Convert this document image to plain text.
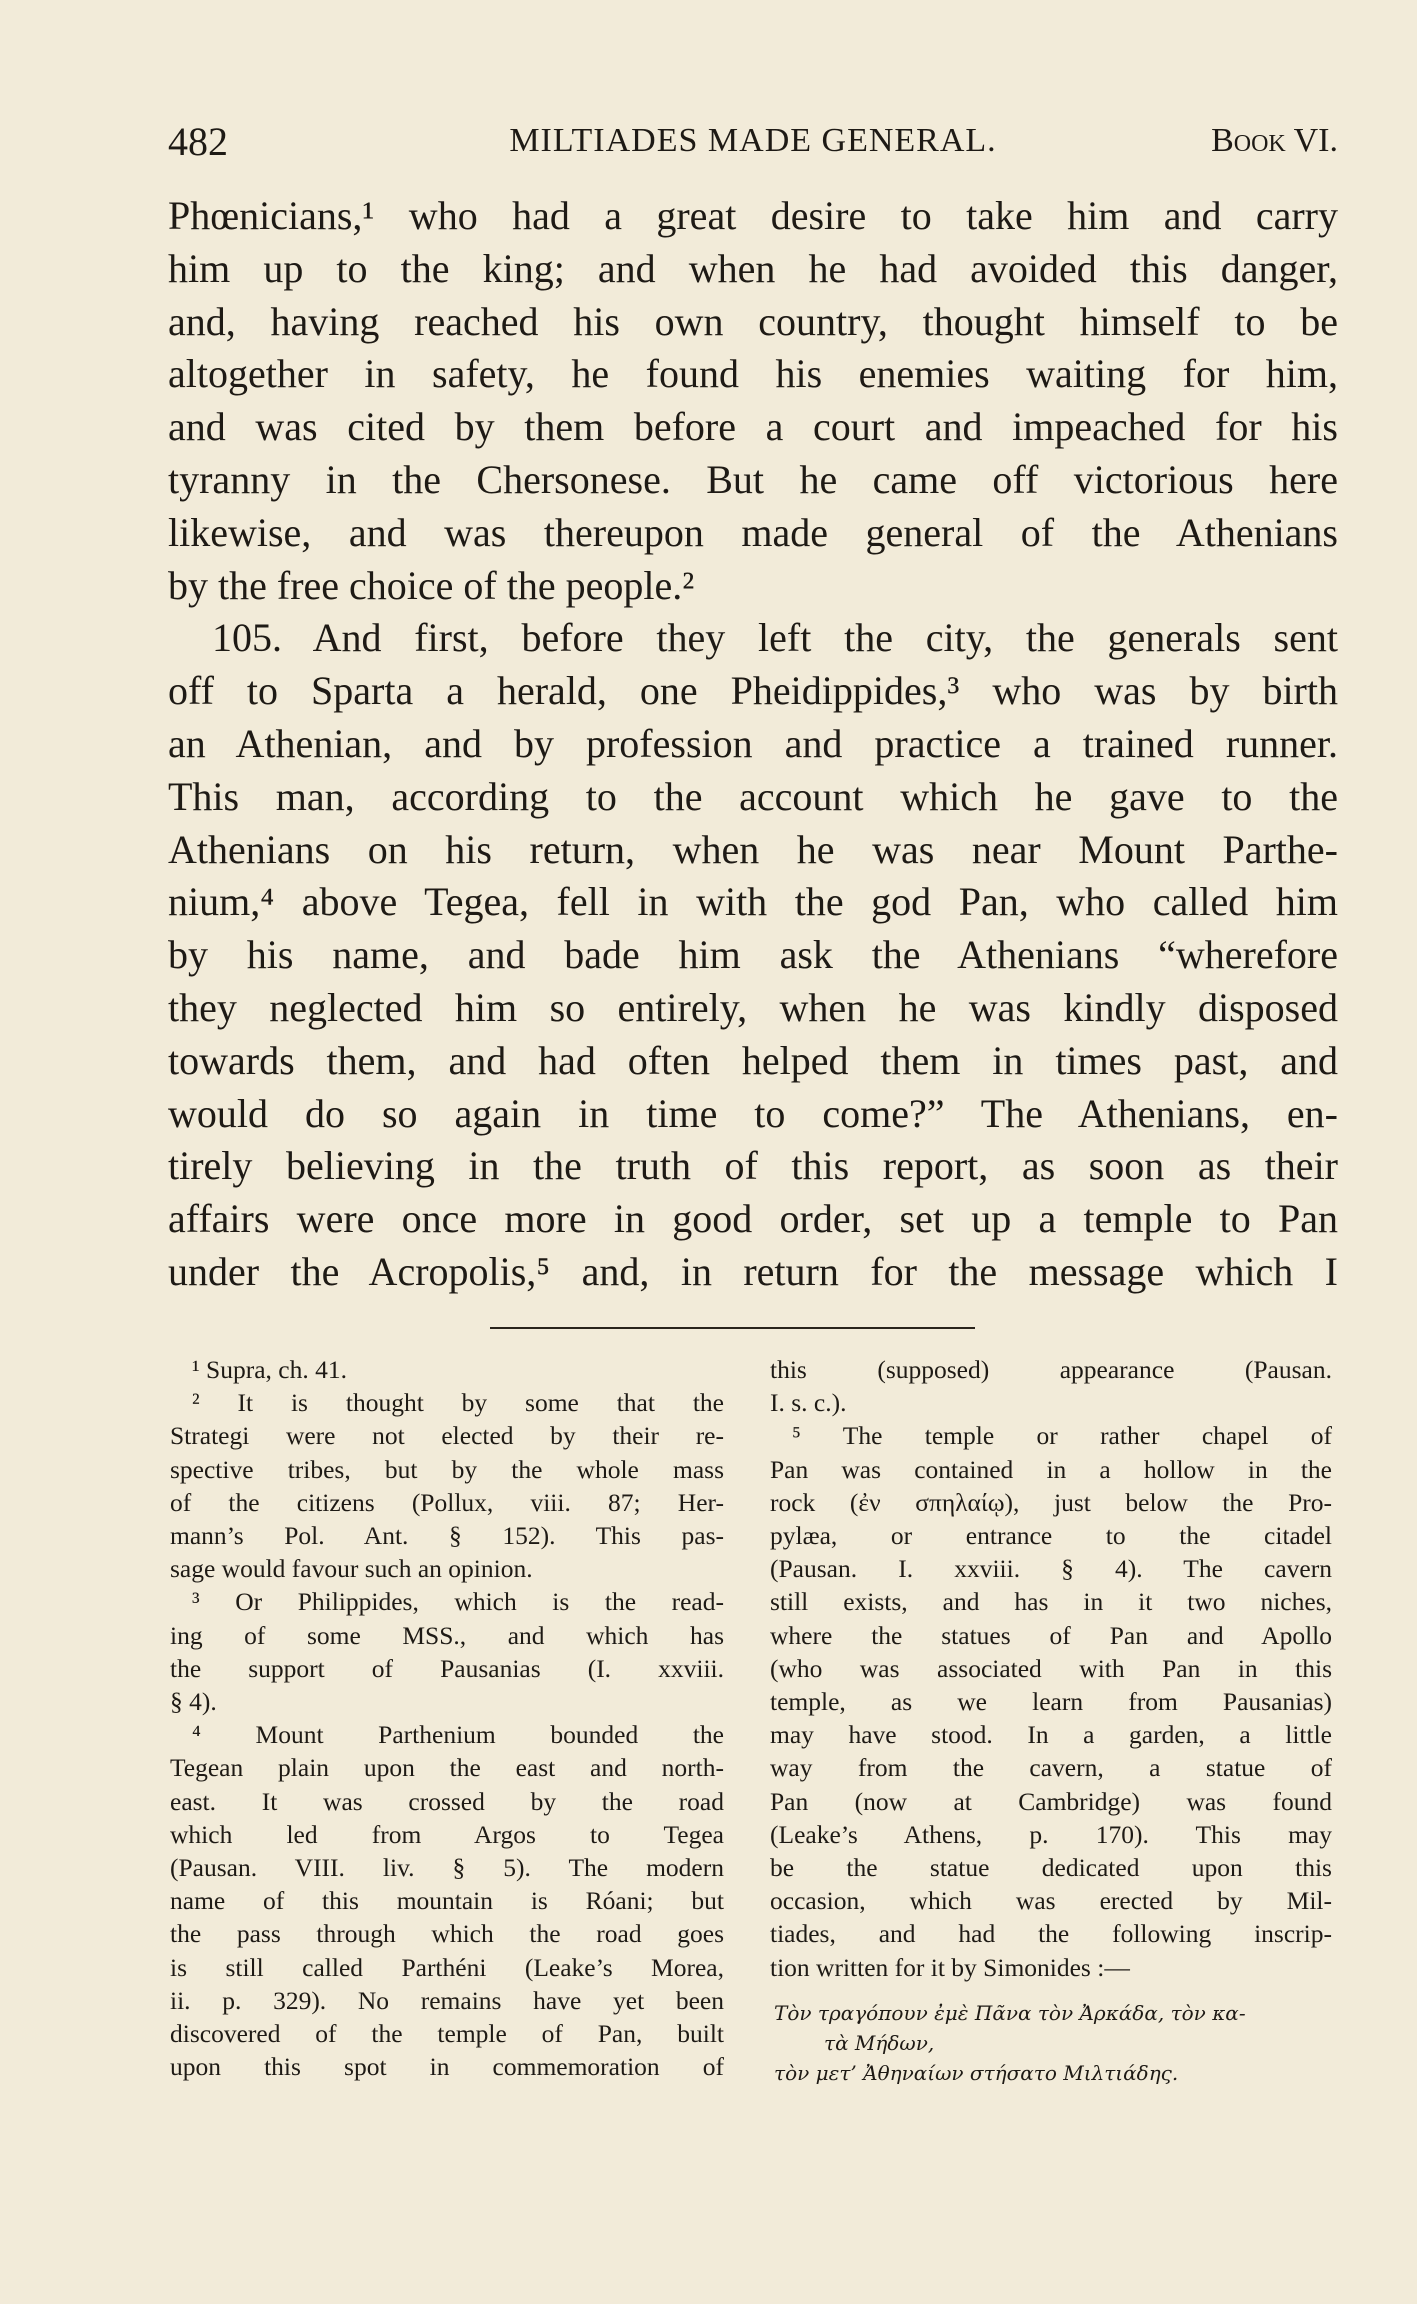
482	MILTIADES MADE GENERAL.	Book VI.
Phœnicians,¹ who had a great desire to take him and carry
him up to the king; and when he had avoided this danger,
and, having reached his own country, thought himself to be
altogether in safety, he found his enemies waiting for him,
and was cited by them before a court and impeached for his
tyranny in the Chersonese. But he came off victorious here
likewise, and was thereupon made general of the Athenians
by the free choice of the people.²
105. And first, before they left the city, the generals sent
off to Sparta a herald, one Pheidippides,³ who was by birth
an Athenian, and by profession and practice a trained runner.
This man, according to the account which he gave to the
Athenians on his return, when he was near Mount Parthe-
nium,⁴ above Tegea, fell in with the god Pan, who called him
by his name, and bade him ask the Athenians “wherefore
they neglected him so entirely, when he was kindly disposed
towards them, and had often helped them in times past, and
would do so again in time to come?” The Athenians, en-
tirely believing in the truth of this report, as soon as their
affairs were once more in good order, set up a temple to Pan
under the Acropolis,⁵ and, in return for the message which I
¹ Supra, ch. 41.
² It is thought by some that the
Strategi were not elected by their re-
spective tribes, but by the whole mass
of the citizens (Pollux, viii. 87; Her-
mann’s Pol. Ant. § 152). This pas-
sage would favour such an opinion.
³ Or Philippides, which is the read-
ing of some MSS., and which has
the support of Pausanias (I. xxviii.
§ 4).
⁴ Mount Parthenium bounded the
Tegean plain upon the east and north-
east. It was crossed by the road
which led from Argos to Tegea
(Pausan. VIII. liv. § 5). The modern
name of this mountain is Róani; but
the pass through which the road goes
is still called Parthéni (Leake’s Morea,
ii. p. 329). No remains have yet been
discovered of the temple of Pan, built
upon this spot in commemoration of
this (supposed) appearance (Pausan.
I. s. c.).
⁵ The temple or rather chapel of
Pan was contained in a hollow in the
rock (ἐν σπηλαίῳ), just below the Pro-
pylæa, or entrance to the citadel
(Pausan. I. xxviii. § 4). The cavern
still exists, and has in it two niches,
where the statues of Pan and Apollo
(who was associated with Pan in this
temple, as we learn from Pausanias)
may have stood. In a garden, a little
way from the cavern, a statue of
Pan (now at Cambridge) was found
(Leake’s Athens, p. 170). This may
be the statue dedicated upon this
occasion, which was erected by Mil-
tiades, and had the following inscrip-
tion written for it by Simonides :—
Τὸν τραγόπουν ἐμὲ Πᾶνα τὸν Ἀρκάδα, τὸν κα-
τὰ Μήδων,
τὸν μετ’ Ἀθηναίων στήσατο Μιλτιάδης.
